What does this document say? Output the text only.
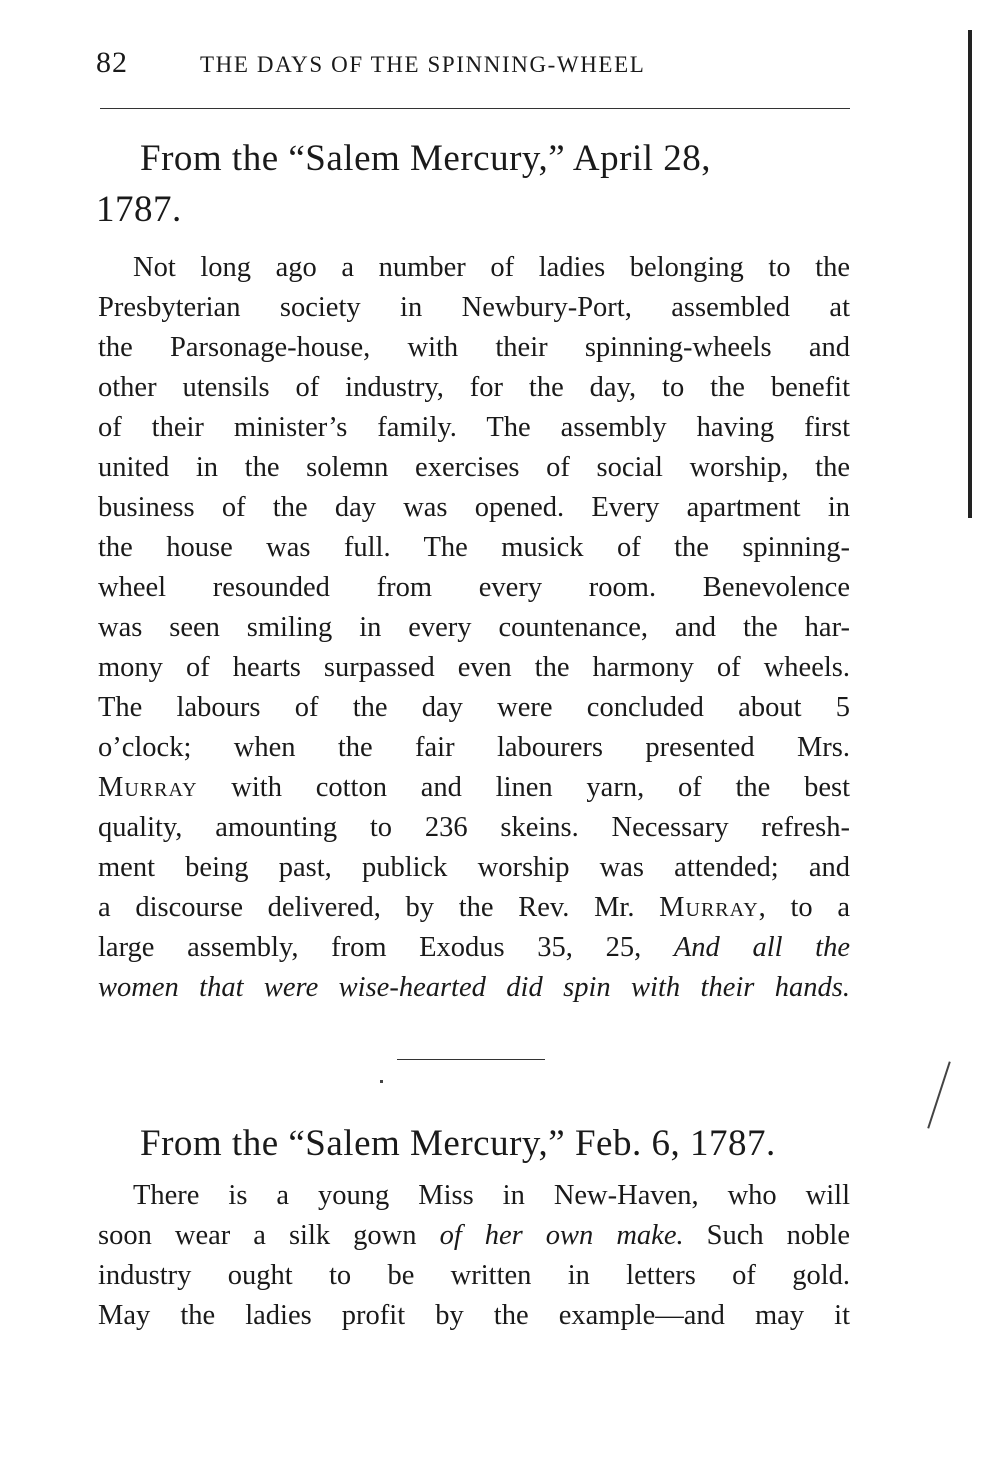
82	THE DAYS OF THE SPINNING-WHEEL
From the “Salem Mercury,” April 28,
1787.
Not long ago a number of ladies belonging to the
Presbyterian society in Newbury-Port, assembled at
the Parsonage-house, with their spinning-wheels and
other utensils of industry, for the day, to the benefit
of their minister’s family. The assembly having first
united in the solemn exercises of social worship, the
business of the day was opened. Every apartment in
the house was full. The musick of the spinning-
wheel resounded from every room. Benevolence
was seen smiling in every countenance, and the har-
mony of hearts surpassed even the harmony of wheels.
The labours of the day were concluded about 5
o’clock; when the fair labourers presented Mrs.
Murray with cotton and linen yarn, of the best
quality, amounting to 236 skeins. Necessary refresh-
ment being past, publick worship was attended; and
a discourse delivered, by the Rev. Mr. Murray, to a
large assembly, from Exodus 35, 25, And all the
women that were wise-hearted did spin with their hands.
From the “Salem Mercury,” Feb. 6, 1787.
There is a young Miss in New-Haven, who will
soon wear a silk gown of her own make. Such noble
industry ought to be written in letters of gold.
May the ladies profit by the example—and may it
